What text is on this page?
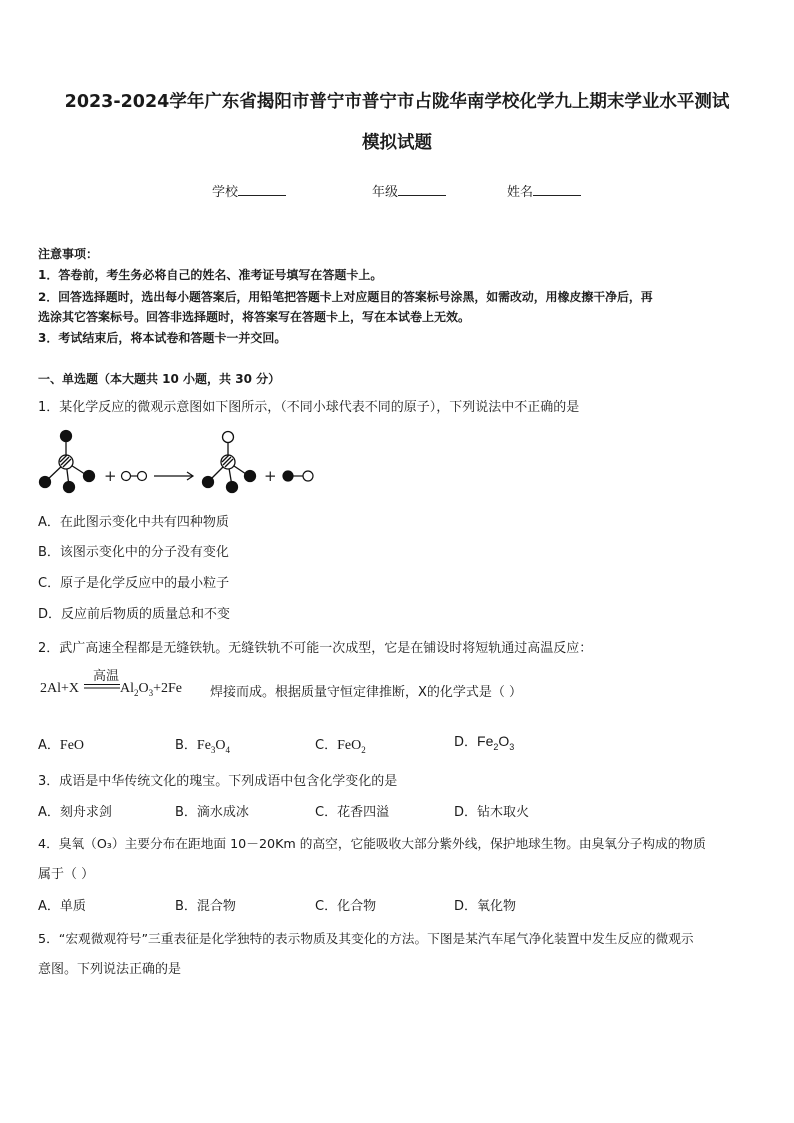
2023-2024学年广东省揭阳市普宁市普宁市占陇华南学校化学九上期末学业水平测试
模拟试题
学校	年级	姓名
注意事项：
1．答卷前，考生务必将自己的姓名、准考证号填写在答题卡上。
2．回答选择题时，选出每小题答案后，用铅笔把答题卡上对应题目的答案标号涂黑，如需改动，用橡皮擦干净后，再
选涂其它答案标号。回答非选择题时，将答案写在答题卡上，写在本试卷上无效。
3．考试结束后，将本试卷和答题卡一并交回。
一、单选题（本大题共 10 小题，共 30 分）
1．某化学反应的微观示意图如下图所示，（不同小球代表不同的原子），下列说法中不正确的是
+	+
A．在此图示变化中共有四种物质
B．该图示变化中的分子没有变化
C．原子是化学反应中的最小粒子
D．反应前后物质的质量总和不变
2．武广高速全程都是无缝铁轨。无缝铁轨不可能一次成型，它是在铺设时将短轨通过高温反应：
高温
2Al+X	$Al_2O_3+2Fe$ 焊接而成。根据质量守恒定律推断，X的化学式是（ ）
A．FeO	B．$Fe_3O_4$	C．FeO$_2$	D．$Fe_2O_3$
3．成语是中华传统文化的瑰宝。下列成语中包含化学变化的是
A．刻舟求剑	B．滴水成冰	C．花香四溢	D．钻木取火
4．臭氧（O₃）主要分布在距地面 10－20Km 的高空，它能吸收大部分紫外线，保护地球生物。由臭氧分子构成的物质
属于（ ）
A．单质	B．混合物	C．化合物	D．氧化物
5．“宏观微观符号”三重表征是化学独特的表示物质及其变化的方法。下图是某汽车尾气净化装置中发生反应的微观示
意图。下列说法正确的是
